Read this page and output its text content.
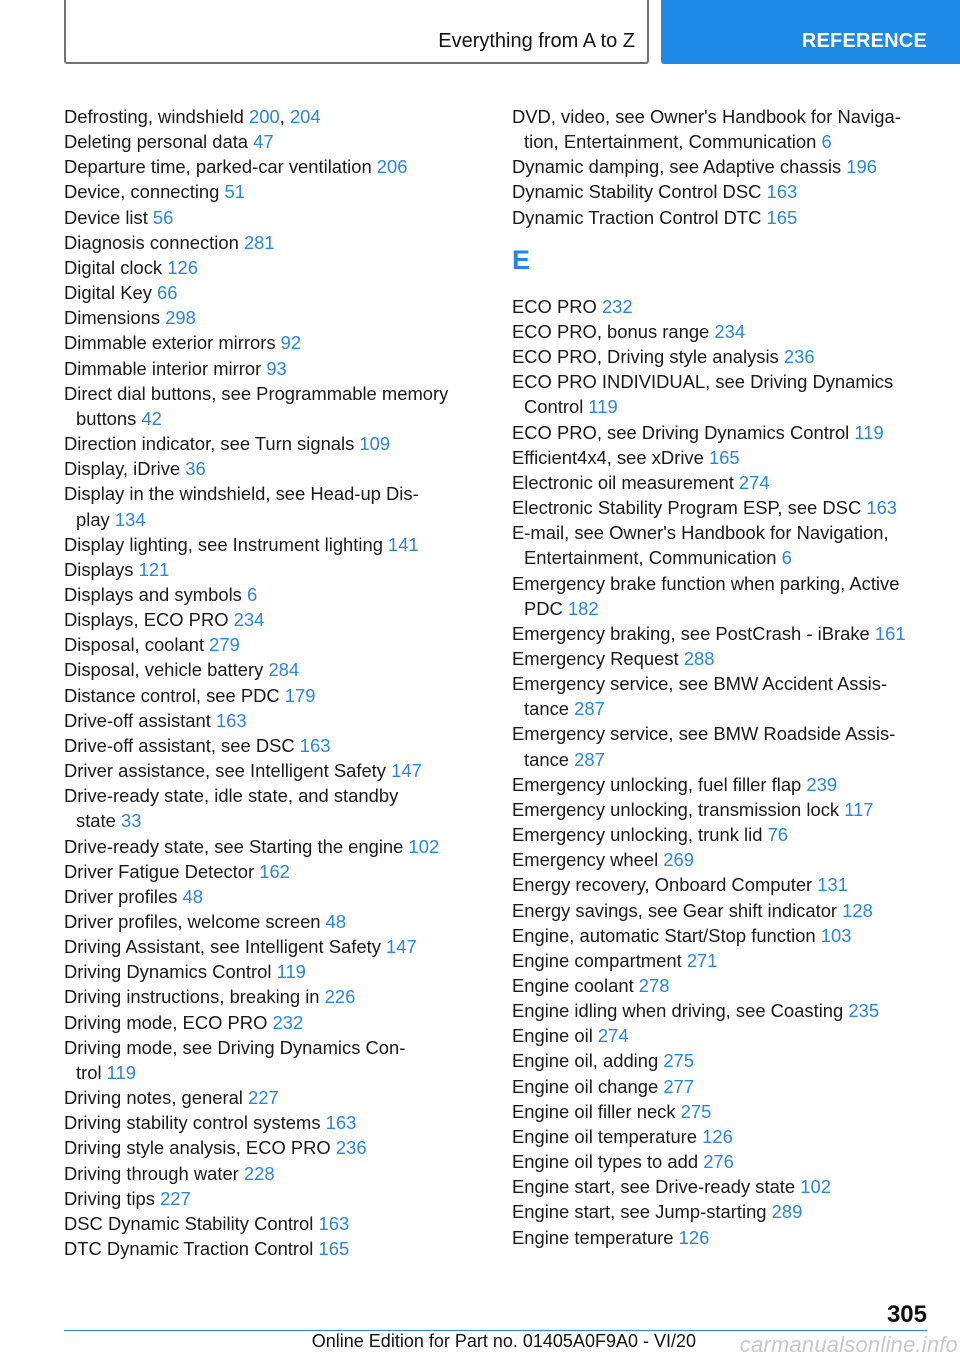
Everything from A to Z	REFERENCE
Defrosting, windshield 200, 204
Deleting personal data 47
Departure time, parked-car ventilation 206
Device, connecting 51
Device list 56
Diagnosis connection 281
Digital clock 126
Digital Key 66
Dimensions 298
Dimmable exterior mirrors 92
Dimmable interior mirror 93
Direct dial buttons, see Programmable memory
buttons 42
Direction indicator, see Turn signals 109
Display, iDrive 36
Display in the windshield, see Head-up Dis-
play 134
Display lighting, see Instrument lighting 141
Displays 121
Displays and symbols 6
Displays, ECO PRO 234
Disposal, coolant 279
Disposal, vehicle battery 284
Distance control, see PDC 179
Drive-off assistant 163
Drive-off assistant, see DSC 163
Driver assistance, see Intelligent Safety 147
Drive-ready state, idle state, and standby
state 33
Drive-ready state, see Starting the engine 102
Driver Fatigue Detector 162
Driver profiles 48
Driver profiles, welcome screen 48
Driving Assistant, see Intelligent Safety 147
Driving Dynamics Control 119
Driving instructions, breaking in 226
Driving mode, ECO PRO 232
Driving mode, see Driving Dynamics Con-
trol 119
Driving notes, general 227
Driving stability control systems 163
Driving style analysis, ECO PRO 236
Driving through water 228
Driving tips 227
DSC Dynamic Stability Control 163
DTC Dynamic Traction Control 165
DVD, video, see Owner's Handbook for Naviga-
tion, Entertainment, Communication 6
Dynamic damping, see Adaptive chassis 196
Dynamic Stability Control DSC 163
Dynamic Traction Control DTC 165
E
ECO PRO 232
ECO PRO, bonus range 234
ECO PRO, Driving style analysis 236
ECO PRO INDIVIDUAL, see Driving Dynamics
Control 119
ECO PRO, see Driving Dynamics Control 119
Efficient4x4, see xDrive 165
Electronic oil measurement 274
Electronic Stability Program ESP, see DSC 163
E-mail, see Owner's Handbook for Navigation,
Entertainment, Communication 6
Emergency brake function when parking, Active
PDC 182
Emergency braking, see PostCrash - iBrake 161
Emergency Request 288
Emergency service, see BMW Accident Assis-
tance 287
Emergency service, see BMW Roadside Assis-
tance 287
Emergency unlocking, fuel filler flap 239
Emergency unlocking, transmission lock 117
Emergency unlocking, trunk lid 76
Emergency wheel 269
Energy recovery, Onboard Computer 131
Energy savings, see Gear shift indicator 128
Engine, automatic Start/Stop function 103
Engine compartment 271
Engine coolant 278
Engine idling when driving, see Coasting 235
Engine oil 274
Engine oil, adding 275
Engine oil change 277
Engine oil filler neck 275
Engine oil temperature 126
Engine oil types to add 276
Engine start, see Drive-ready state 102
Engine start, see Jump-starting 289
Engine temperature 126
305
Online Edition for Part no. 01405A0F9A0 - VI/20 carmanualsonline.info
